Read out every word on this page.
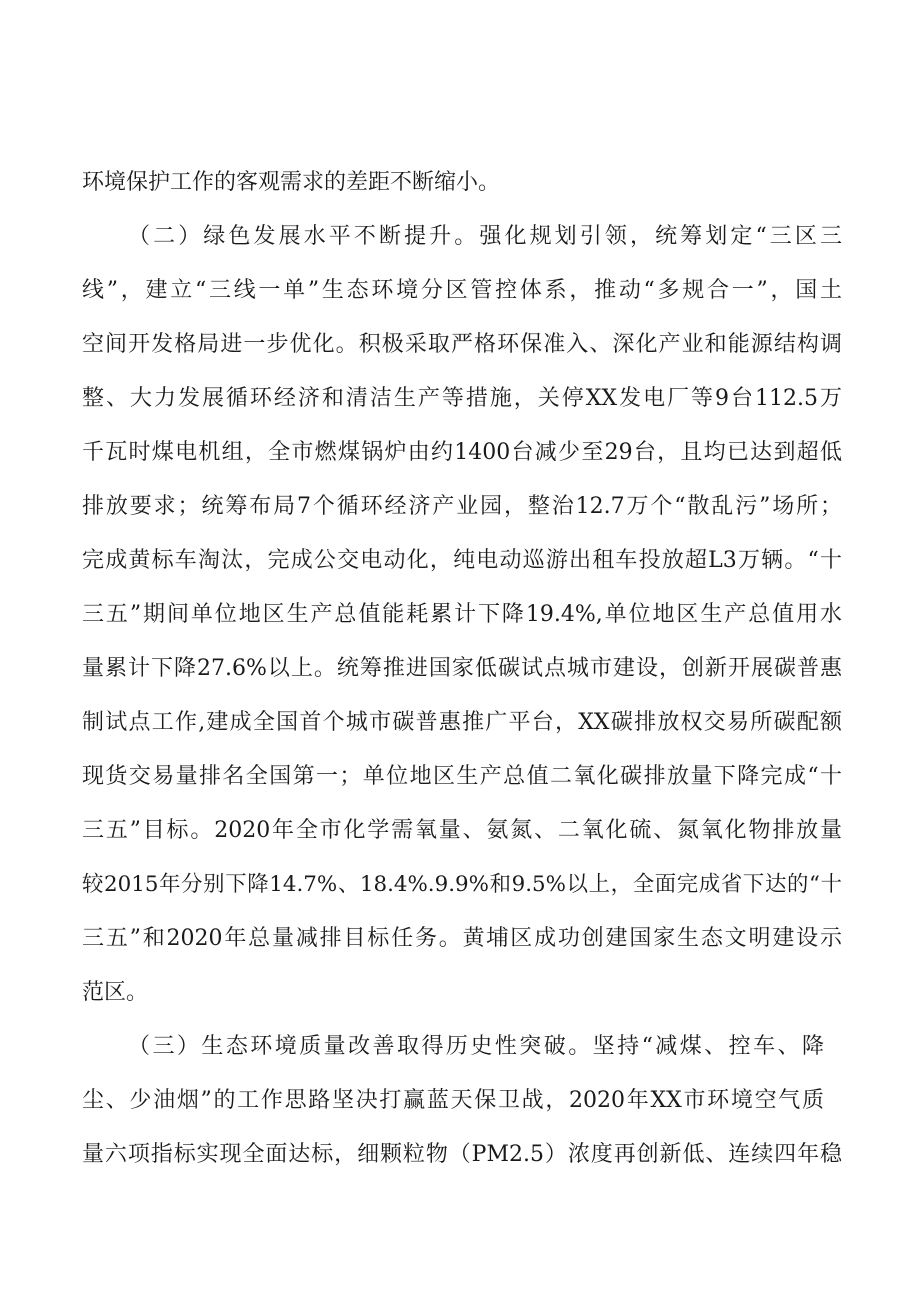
环境保护工作的客观需求的差距不断缩小。
（二）绿色发展水平不断提升。强化规划引领，统筹划定“三区三
线”，建立“三线一单”生态环境分区管控体系，推动“多规合一”，国土
空间开发格局进一步优化。积极采取严格环保准入、深化产业和能源结构调
整、大力发展循环经济和清洁生产等措施，关停XX发电厂等9台112.5万
千瓦时煤电机组，全市燃煤锅炉由约1400台减少至29台，且均已达到超低
排放要求；统筹布局7个循环经济产业园，整治12.7万个“散乱污”场所；
完成黄标车淘汰，完成公交电动化，纯电动巡游出租车投放超L3万辆。“十
三五”期间单位地区生产总值能耗累计下降19.4%,单位地区生产总值用水
量累计下降27.6%以上。统筹推进国家低碳试点城市建设，创新开展碳普惠
制试点工作,建成全国首个城市碳普惠推广平台，XX碳排放权交易所碳配额
现货交易量排名全国第一；单位地区生产总值二氧化碳排放量下降完成“十
三五”目标。2020年全市化学需氧量、氨氮、二氧化硫、氮氧化物排放量
较2015年分别下降14.7%、18.4%.9.9%和9.5%以上，全面完成省下达的“十
三五”和2020年总量减排目标任务。黄埔区成功创建国家生态文明建设示
范区。
（三）生态环境质量改善取得历史性突破。坚持“减煤、控车、降
尘、少油烟”的工作思路坚决打赢蓝天保卫战，2020年XX市环境空气质
量六项指标实现全面达标，细颗粒物（PM2.5）浓度再创新低、连续四年稳
